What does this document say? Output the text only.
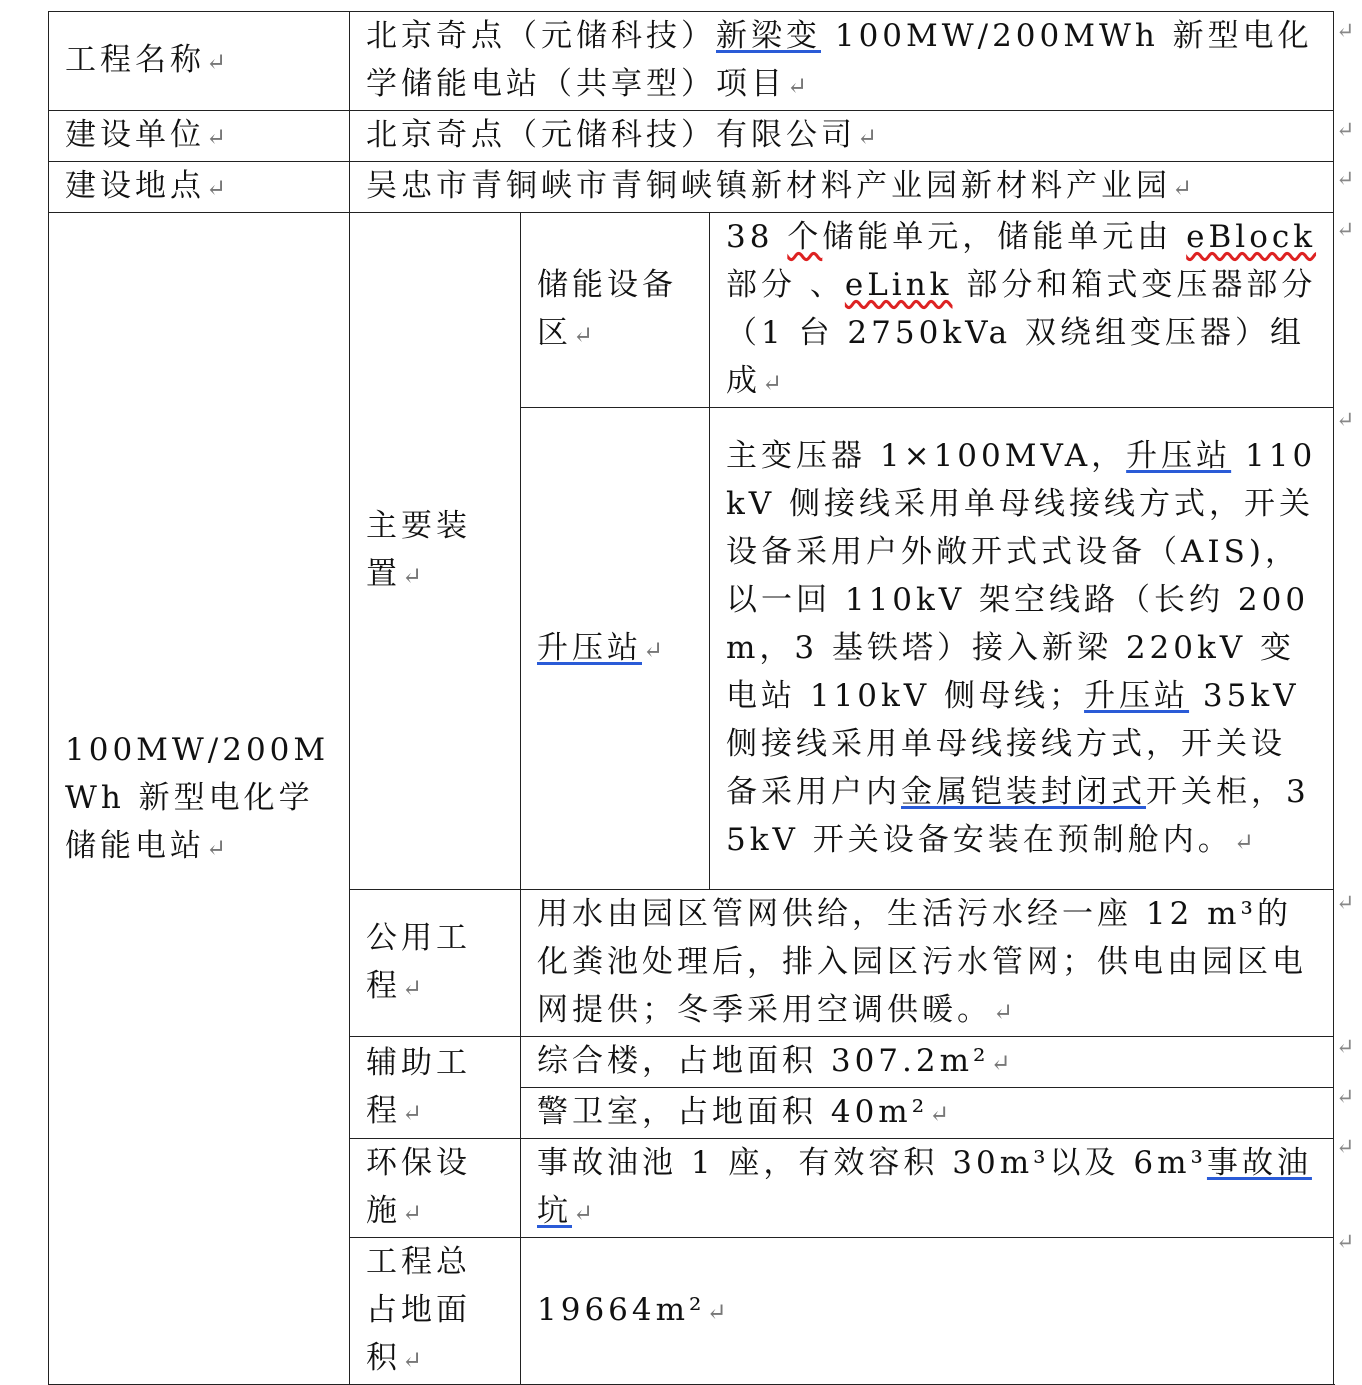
工程名称↵	北京奇点（元储科技）新梁变 100MW/200MWh 新型电化学储能电站（共享型）项目↵		
建设单位↵	北京奇点（元储科技）有限公司↵		
建设地点↵	吴忠市青铜峡市青铜峡镇新材料产业园新材料产业园↵		
100MW/200MWh 新型电化学储能电站↵	主要装置↵	储能设备区↵	38 个储能单元，储能单元由 eBlock 部分 、eLink 部分和箱式变压器部分 （1 台 2750kVa 双绕组变压器）组成↵
		升压站↵	主变压器 1×100MVA，升压站 110kV 侧接线采用单母线接线方式，开关设备采用户外敞开式式设备（AIS)，以一回 110kV 架空线路（长约 200m，3 基铁塔）接入新梁 220kV 变电站 110kV 侧母线；升压站 35kV 侧接线采用单母线接线方式，开关设备采用户内金属铠装封闭式开关柜，35kV 开关设备安装在预制舱内。↵
	公用工程↵	用水由园区管网供给，生活污水经一座 12 m³的化粪池处理后，排入园区污水管网；供电由园区电网提供；冬季采用空调供暖。↵	
	辅助工程↵	综合楼，占地面积 307.2m²↵	
		警卫室，占地面积 40m²↵	
	环保设施↵	事故油池 1 座，有效容积 30m³以及 6m³事故油坑↵	
	工程总占地面积↵	19664m²↵	
↵
↵
↵
↵
↵
↵
↵
↵
↵
↵
